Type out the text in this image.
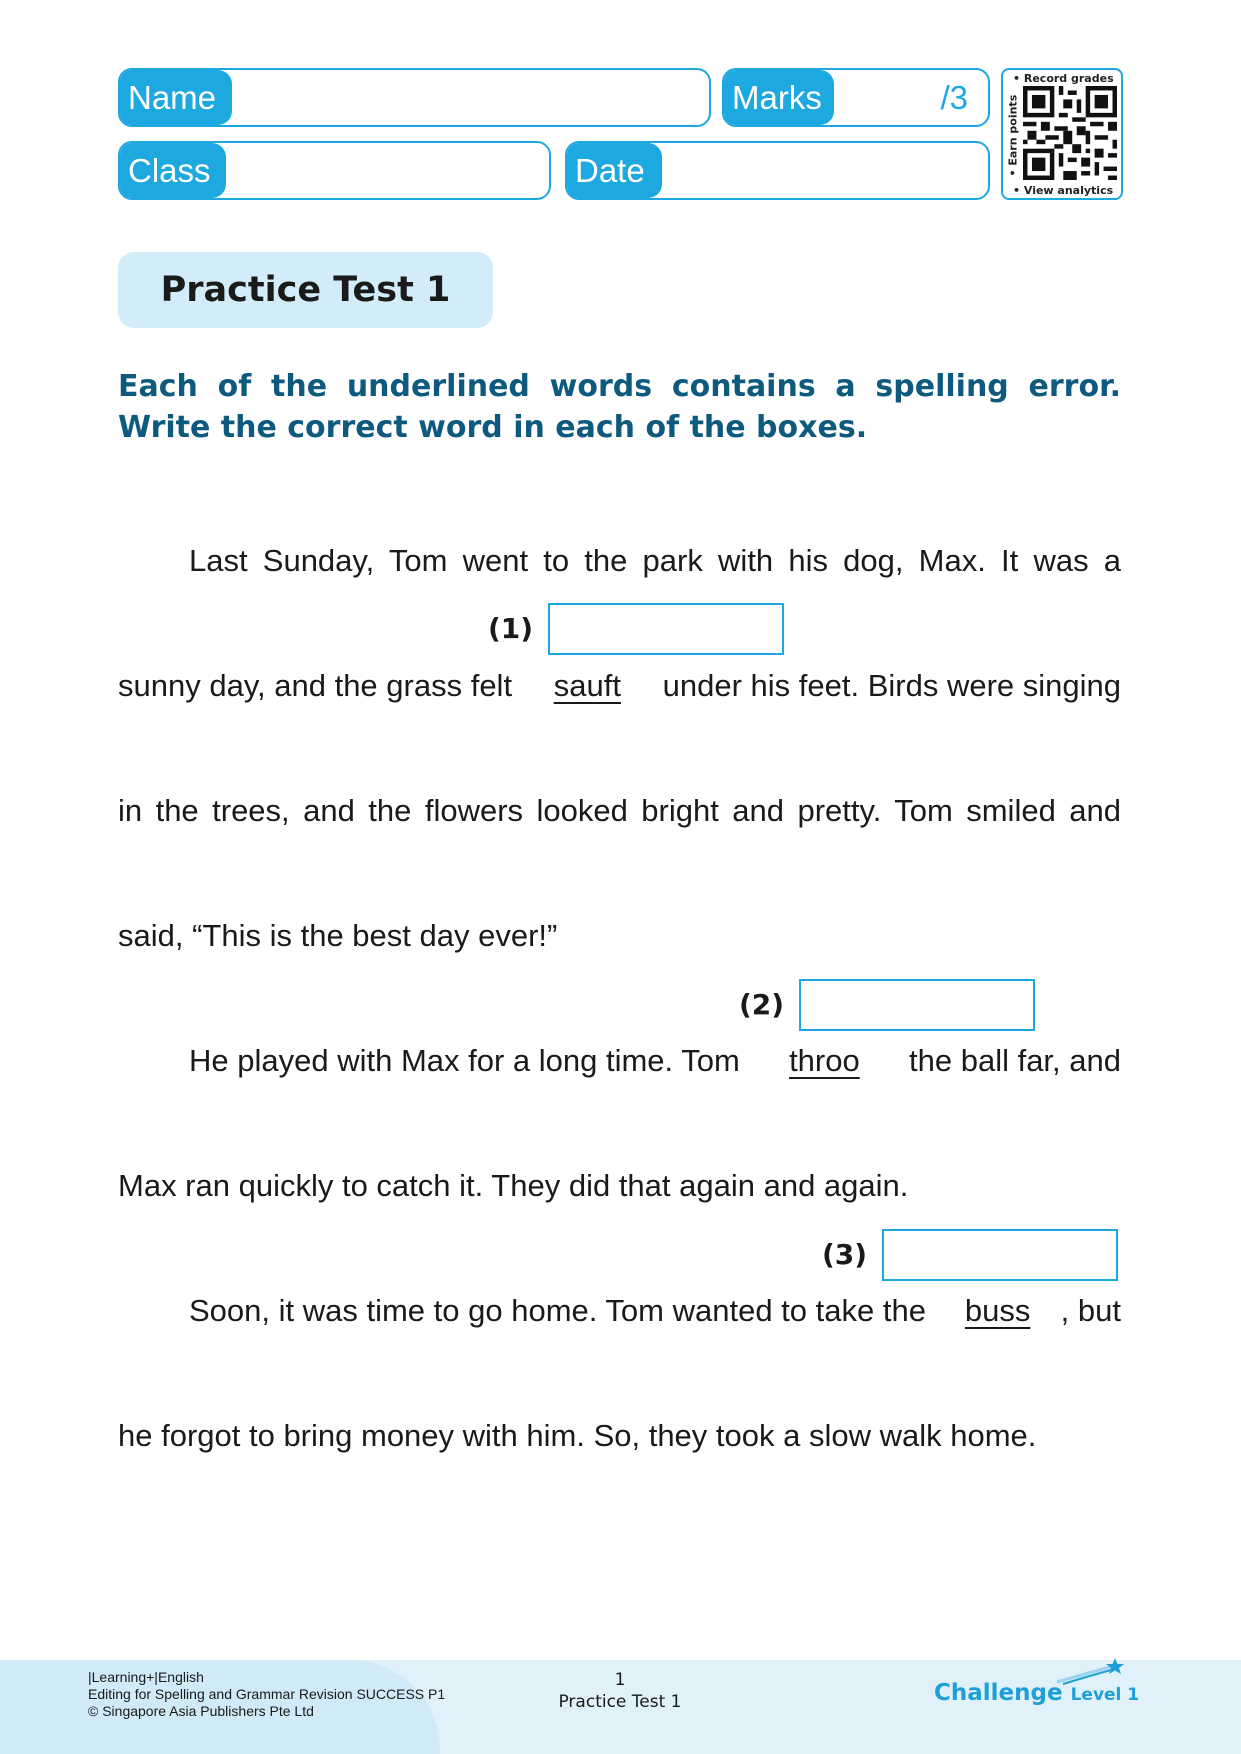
Name	Marks	/3
Class	Date
• Record grades
• Earn points
• View analytics
Practice Test 1
Each of the underlined words contains a spelling error. Write the correct word in each of the boxes.
Last Sunday, Tom went to the park with his dog, Max. It was a
(1)
sunny day, and the grass felt sauft under his feet. Birds were singing
in the trees, and the flowers looked bright and pretty. Tom smiled and
said, “This is the best day ever!”
(2)
He played with Max for a long time. Tom throo the ball far, and
Max ran quickly to catch it. They did that again and again.
(3)
Soon, it was time to go home. Tom wanted to take the buss , but
he forgot to bring money with him. So, they took a slow walk home.
|Learning+|English
Editing for Spelling and Grammar Revision SUCCESS P1
© Singapore Asia Publishers Pte Ltd
1
Practice Test 1	Challenge Level 1
